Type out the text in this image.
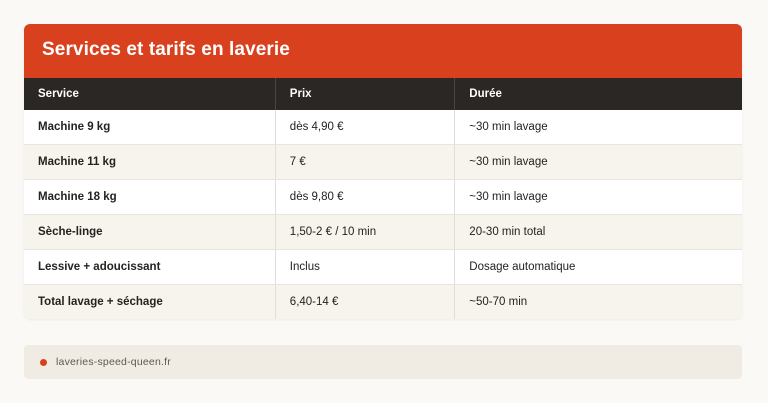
Services et tarifs en laverie
Service	Prix	Durée
Machine 9 kg	dès 4,90 €	~30 min lavage
Machine 11 kg	7 €	~30 min lavage
Machine 18 kg	dès 9,80 €	~30 min lavage
Sèche-linge	1,50-2 € / 10 min	20-30 min total
Lessive + adoucissant	Inclus	Dosage automatique
Total lavage + séchage	6,40-14 €	~50-70 min
laveries-speed-queen.fr
